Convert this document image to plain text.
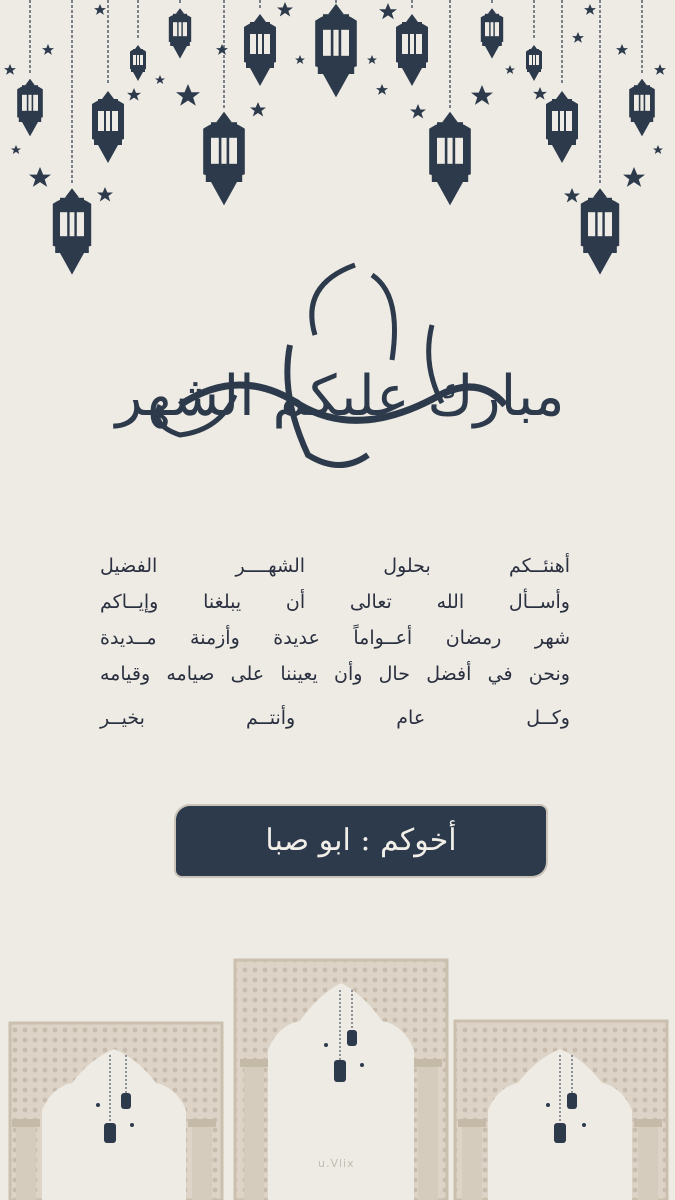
مبارك عليكم الشهر
أهنئــكم بحلول الشهــــر الفضيل
وأســأل الله تعالى أن يبلغنا وإيــاكم
شهر رمضان أعــواماً عديدة وأزمنة مــديدة
ونحن في أفضل حال وأن يعيننا على صيامه وقيامه
وكــل عام وأنتــم بخيــر
أخوكم : ابو صبا
u.Vlix
